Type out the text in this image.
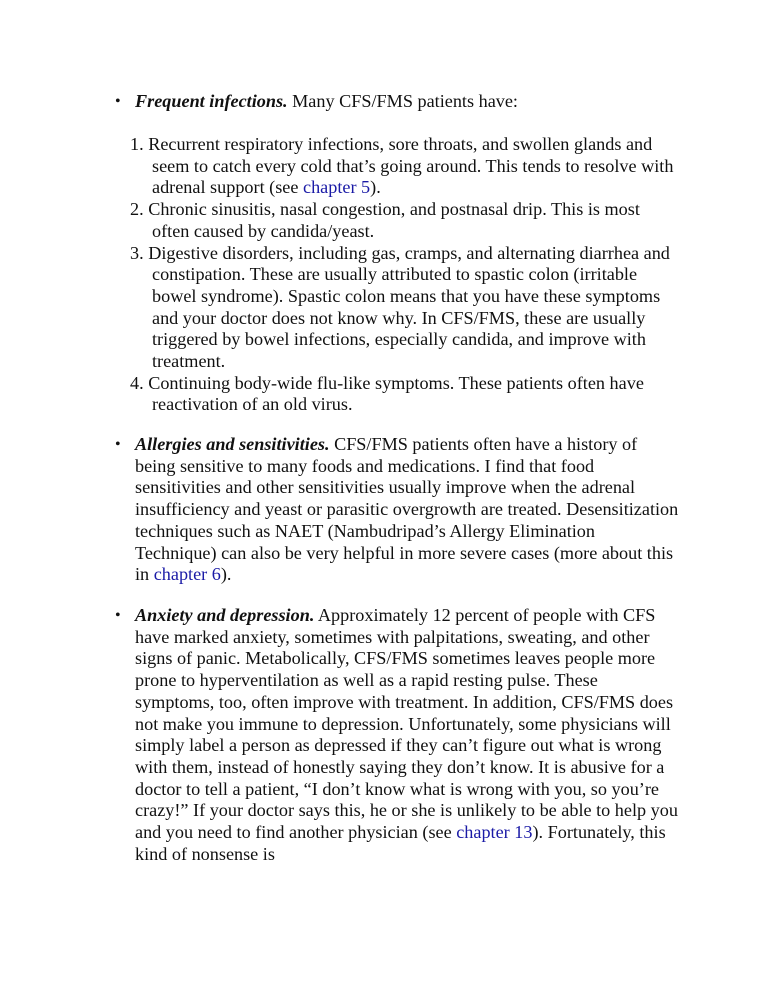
• Frequent infections. Many CFS/FMS patients have:
1. Recurrent respiratory infections, sore throats, and swollen glands and seem to catch every cold that’s going around. This tends to resolve with adrenal support (see chapter 5).
2. Chronic sinusitis, nasal congestion, and postnasal drip. This is most often caused by candida/yeast.
3. Digestive disorders, including gas, cramps, and alternating diarrhea and constipation. These are usually attributed to spastic colon (irritable bowel syndrome). Spastic colon means that you have these symptoms and your doctor does not know why. In CFS/FMS, these are usually triggered by bowel infections, especially candida, and improve with treatment.
4. Continuing body-wide flu-like symptoms. These patients often have reactivation of an old virus.
• Allergies and sensitivities. CFS/FMS patients often have a history of being sensitive to many foods and medications. I find that food sensitivities and other sensitivities usually improve when the adrenal insufficiency and yeast or parasitic overgrowth are treated. Desensitization techniques such as NAET (Nambudripad’s Allergy Elimination Technique) can also be very helpful in more severe cases (more about this in chapter 6).
• Anxiety and depression. Approximately 12 percent of people with CFS have marked anxiety, sometimes with palpitations, sweating, and other signs of panic. Metabolically, CFS/FMS sometimes leaves people more prone to hyperventilation as well as a rapid resting pulse. These symptoms, too, often improve with treatment. In addition, CFS/FMS does not make you immune to depression. Unfortunately, some physicians will simply label a person as depressed if they can’t figure out what is wrong with them, instead of honestly saying they don’t know. It is abusive for a doctor to tell a patient, “I don’t know what is wrong with you, so you’re crazy!” If your doctor says this, he or she is unlikely to be able to help you and you need to find another physician (see chapter 13). Fortunately, this kind of nonsense is
